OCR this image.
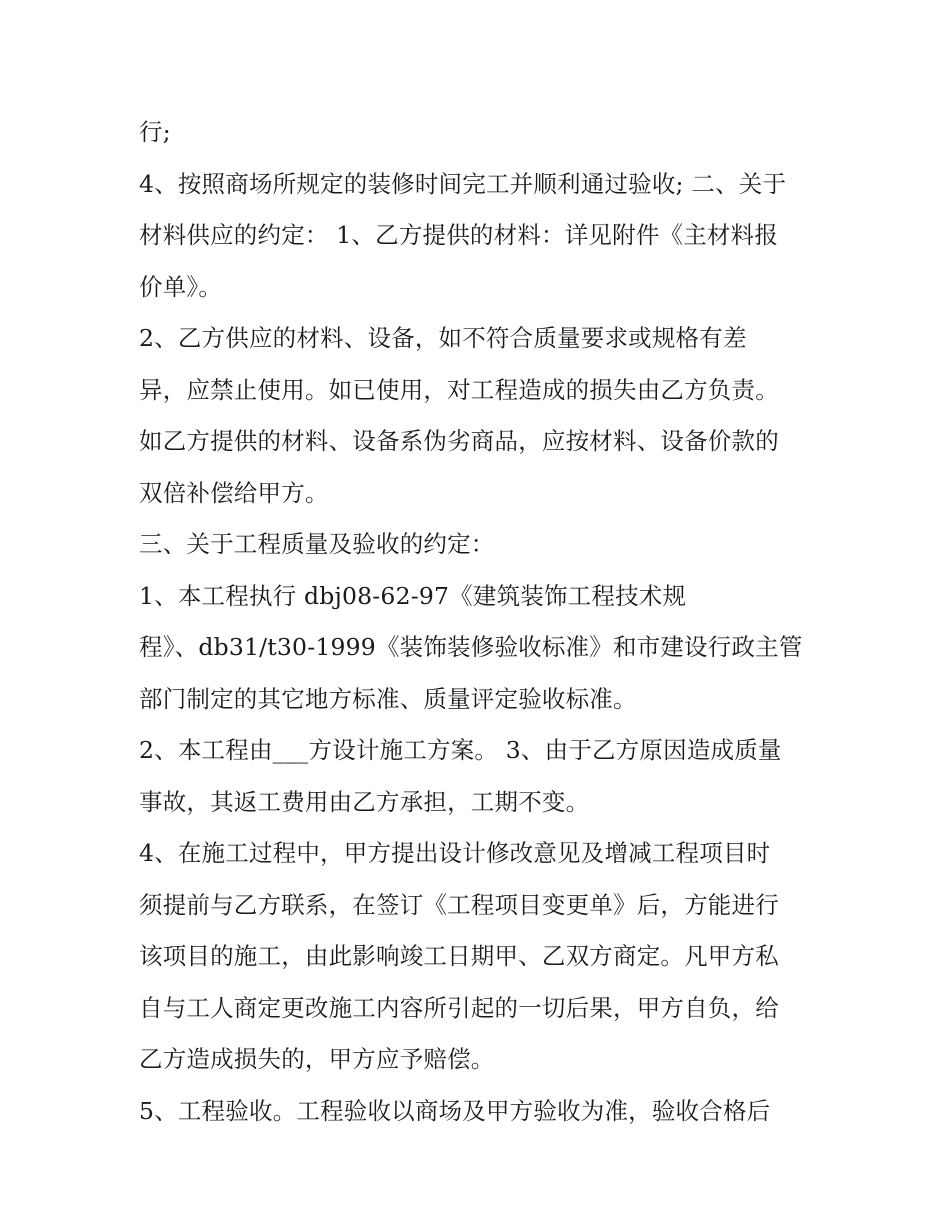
行;
4、按照商场所规定的装修时间完工并顺利通过验收; 二、关于
材料供应的约定： 1、乙方提供的材料：详见附件《主材料报
价单》。
2、乙方供应的材料、设备，如不符合质量要求或规格有差
异，应禁止使用。如已使用，对工程造成的损失由乙方负责。
如乙方提供的材料、设备系伪劣商品，应按材料、设备价款的
双倍补偿给甲方。
三、关于工程质量及验收的约定：
1、本工程执行 dbj08-62-97《建筑装饰工程技术规
程》、db31/t30-1999《装饰装修验收标准》和市建设行政主管
部门制定的其它地方标准、质量评定验收标准。
2、本工程由___方设计施工方案。 3、由于乙方原因造成质量
事故，其返工费用由乙方承担，工期不变。
4、在施工过程中，甲方提出设计修改意见及增减工程项目时
须提前与乙方联系，在签订《工程项目变更单》后，方能进行
该项目的施工，由此影响竣工日期甲、乙双方商定。凡甲方私
自与工人商定更改施工内容所引起的一切后果，甲方自负，给
乙方造成损失的，甲方应予赔偿。
5、工程验收。工程验收以商场及甲方验收为准，验收合格后
